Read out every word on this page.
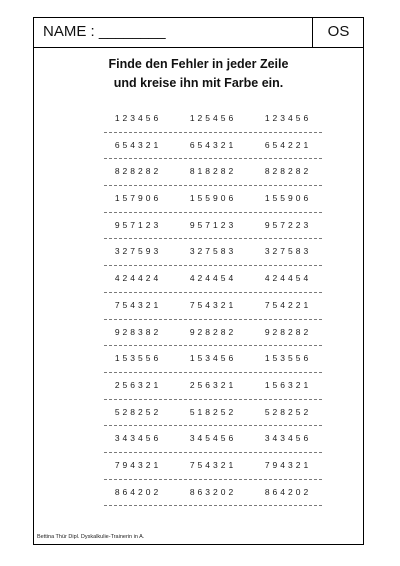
NAME : ________	OS
Finde den Fehler in jeder Zeile
und kreise ihn mit Farbe ein.
123456	125456	123456
654321	654321	654221
828282	818282	828282
157906	155906	155906
957123	957123	957223
327593	327583	327583
424424	424454	424454
754321	754321	754221
928382	928282	928282
153556	153456	153556
256321	256321	156321
528252	518252	528252
343456	345456	343456
794321	754321	794321
864202	863202	864202
Bettina Thür Dipl. Dyskalkulie-Trainerin in A.
